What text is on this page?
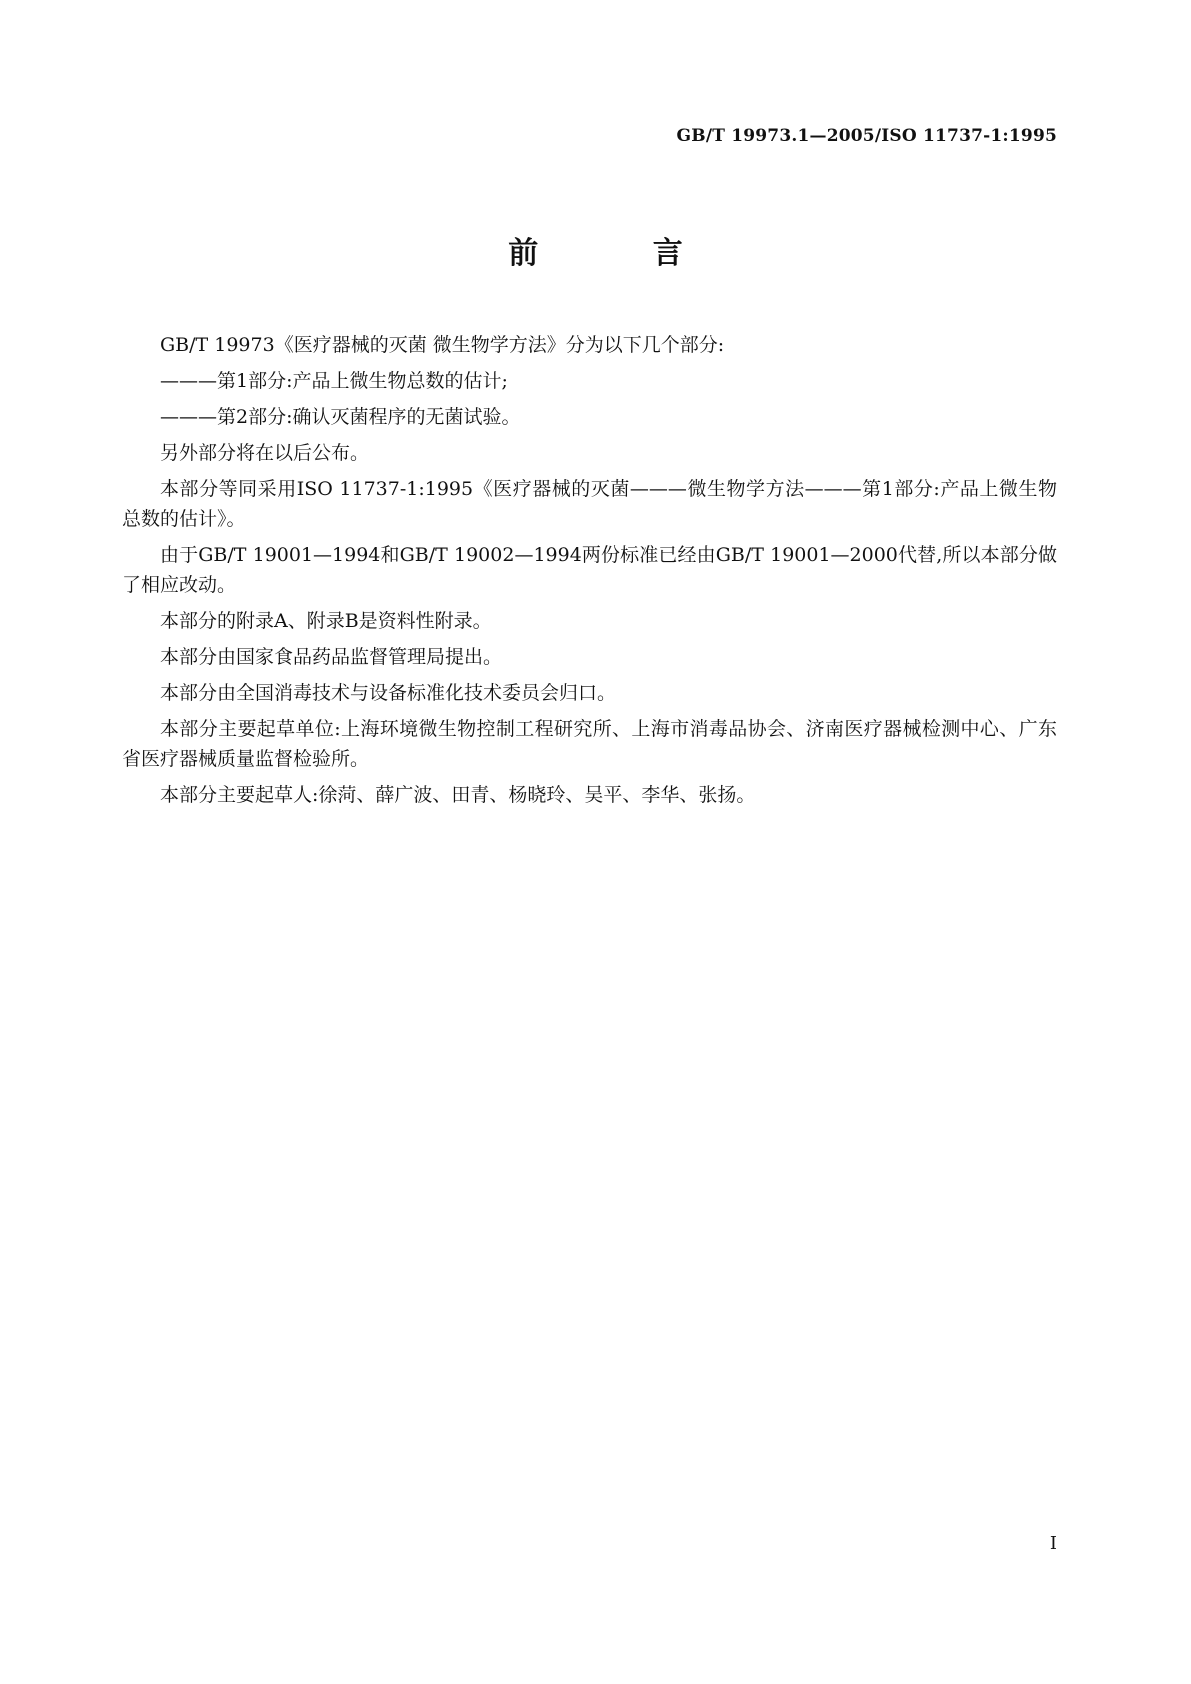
GB/T 19973.1—2005/ISO 11737-1:1995
前 言

GB/T 19973《医疗器械的灭菌 微生物学方法》分为以下几个部分:

———第1部分:产品上微生物总数的估计;

———第2部分:确认灭菌程序的无菌试验。

另外部分将在以后公布。

本部分等同采用ISO 11737-1:1995《医疗器械的灭菌———微生物学方法———第1部分:产品上微生物总数的估计》。

由于GB/T 19001—1994和GB/T 19002—1994两份标准已经由GB/T 19001—2000代替,所以本部分做了相应改动。

本部分的附录A、附录B是资料性附录。

本部分由国家食品药品监督管理局提出。

本部分由全国消毒技术与设备标准化技术委员会归口。

本部分主要起草单位:上海环境微生物控制工程研究所、上海市消毒品协会、济南医疗器械检测中心、广东省医疗器械质量监督检验所。

本部分主要起草人:徐菏、薛广波、田青、杨晓玲、吴平、李华、张扬。

I
